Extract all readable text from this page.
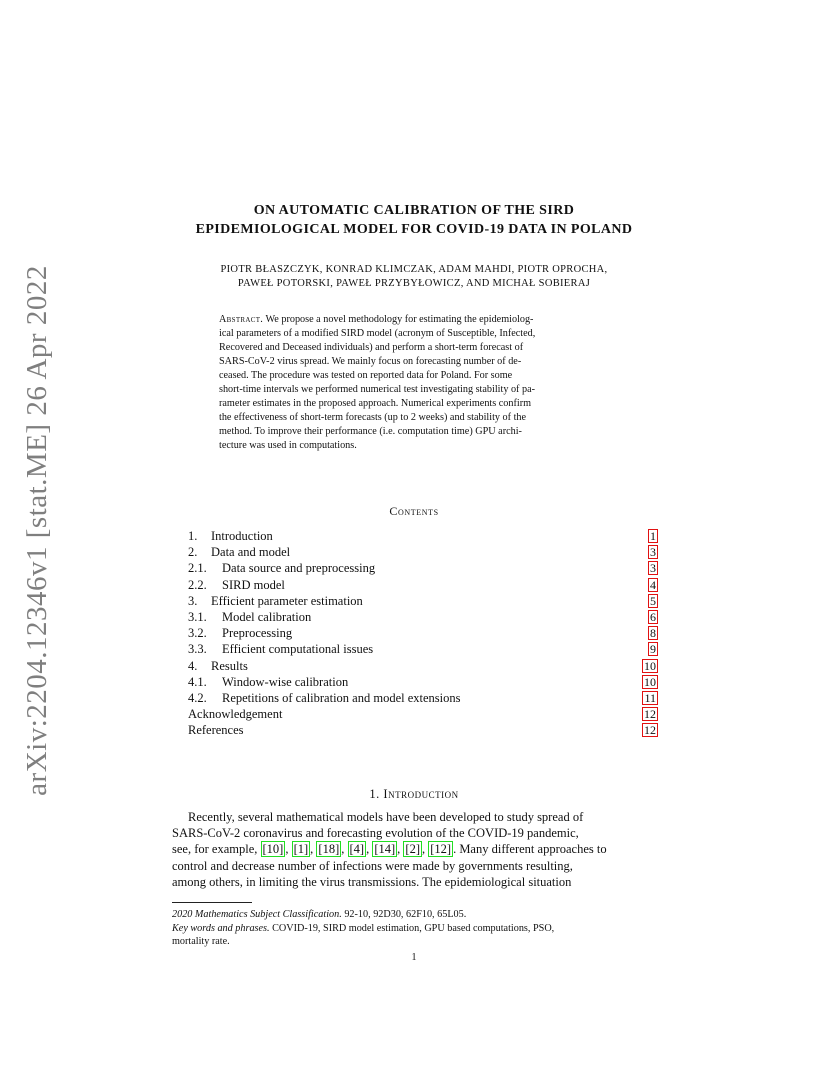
arXiv:2204.12346v1 [stat.ME] 26 Apr 2022
ON AUTOMATIC CALIBRATION OF THE SIRD
EPIDEMIOLOGICAL MODEL FOR COVID-19 DATA IN POLAND
PIOTR BŁASZCZYK, KONRAD KLIMCZAK, ADAM MAHDI, PIOTR OPROCHA,
PAWEŁ POTORSKI, PAWEŁ PRZYBYŁOWICZ, AND MICHAŁ SOBIERAJ
Abstract. We propose a novel methodology for estimating the epidemiolog-
ical parameters of a modified SIRD model (acronym of Susceptible, Infected,
Recovered and Deceased individuals) and perform a short-term forecast of
SARS-CoV-2 virus spread. We mainly focus on forecasting number of de-
ceased. The procedure was tested on reported data for Poland. For some
short-time intervals we performed numerical test investigating stability of pa-
rameter estimates in the proposed approach. Numerical experiments confirm
the effectiveness of short-term forecasts (up to 2 weeks) and stability of the
method. To improve their performance (i.e. computation time) GPU archi-
tecture was used in computations.
Contents
1. Introduction	1
2. Data and model	3
2.1. Data source and preprocessing	3
2.2. SIRD model	4
3. Efficient parameter estimation	5
3.1. Model calibration	6
3.2. Preprocessing	8
3.3. Efficient computational issues	9
4. Results	10
4.1. Window-wise calibration	10
4.2. Repetitions of calibration and model extensions	11
Acknowledgement	12
References	12
1. Introduction
Recently, several mathematical models have been developed to study spread of
SARS-CoV-2 coronavirus and forecasting evolution of the COVID-19 pandemic,
see, for example, [10] , [1] , [18] , [4] , [14] , [2] , [12] . Many different approaches to
control and decrease number of infections were made by governments resulting,
among others, in limiting the virus transmissions. The epidemiological situation
2020 Mathematics Subject Classification. 92-10, 92D30, 62F10, 65L05.
Key words and phrases. COVID-19, SIRD model estimation, GPU based computations, PSO,
mortality rate.
1
